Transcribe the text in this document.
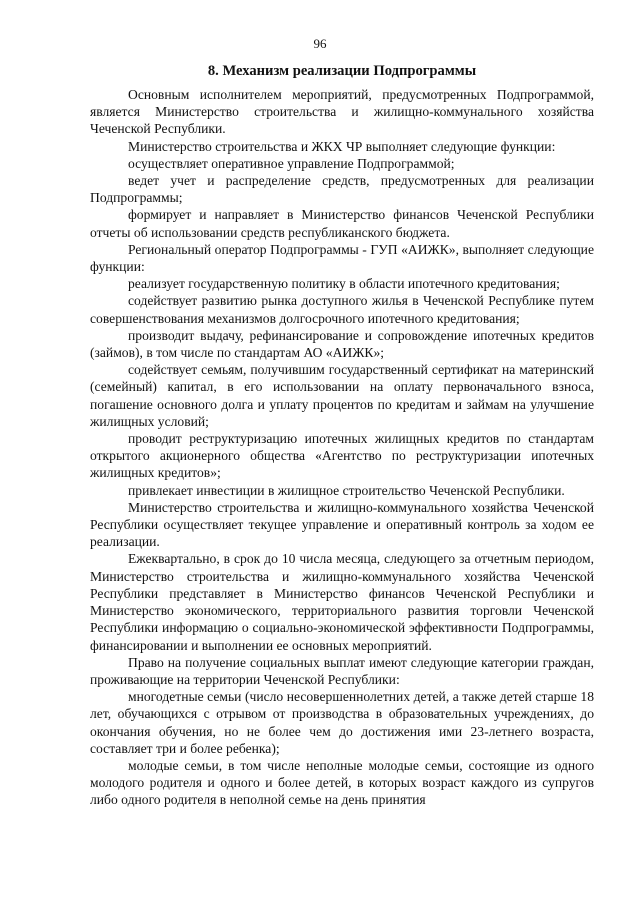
96
8. Механизм реализации Подпрограммы

Основным исполнителем мероприятий, предусмотренных Подпрограммой, является Министерство строительства и жилищно-коммунального хозяйства Чеченской Республики.

Министерство строительства и ЖКХ ЧР выполняет следующие функции:

осуществляет оперативное управление Подпрограммой;

ведет учет и распределение средств, предусмотренных для реализации Подпрограммы;

формирует и направляет в Министерство финансов Чеченской Республики отчеты об использовании средств республиканского бюджета.

Региональный оператор Подпрограммы - ГУП «АИЖК», выполняет следующие функции:

реализует государственную политику в области ипотечного кредитования;

содействует развитию рынка доступного жилья в Чеченской Республике путем совершенствования механизмов долгосрочного ипотечного кредитования;

производит выдачу, рефинансирование и сопровождение ипотечных кредитов (займов), в том числе по стандартам АО «АИЖК»;

содействует семьям, получившим государственный сертификат на материнский (семейный) капитал, в его использовании на оплату первоначального взноса, погашение основного долга и уплату процентов по кредитам и займам на улучшение жилищных условий;

проводит реструктуризацию ипотечных жилищных кредитов по стандартам открытого акционерного общества «Агентство по реструктуризации ипотечных жилищных кредитов»;

привлекает инвестиции в жилищное строительство Чеченской Республики.

Министерство строительства и жилищно-коммунального хозяйства Чеченской Республики осуществляет текущее управление и оперативный контроль за ходом ее реализации.

Ежеквартально, в срок до 10 числа месяца, следующего за отчетным периодом, Министерство строительства и жилищно-коммунального хозяйства Чеченской Республики представляет в Министерство финансов Чеченской Республики и Министерство экономического, территориального развития торговли Чеченской Республики информацию о социально-экономической эффективности Подпрограммы, финансировании и выполнении ее основных мероприятий.

Право на получение социальных выплат имеют следующие категории граждан, проживающие на территории Чеченской Республики:

многодетные семьи (число несовершеннолетних детей, а также детей старше 18 лет, обучающихся с отрывом от производства в образовательных учреждениях, до окончания обучения, но не более чем до достижения ими 23-летнего возраста, составляет три и более ребенка);

молодые семьи, в том числе неполные молодые семьи, состоящие из одного молодого родителя и одного и более детей, в которых возраст каждого из супругов либо одного родителя в неполной семье на день принятия
